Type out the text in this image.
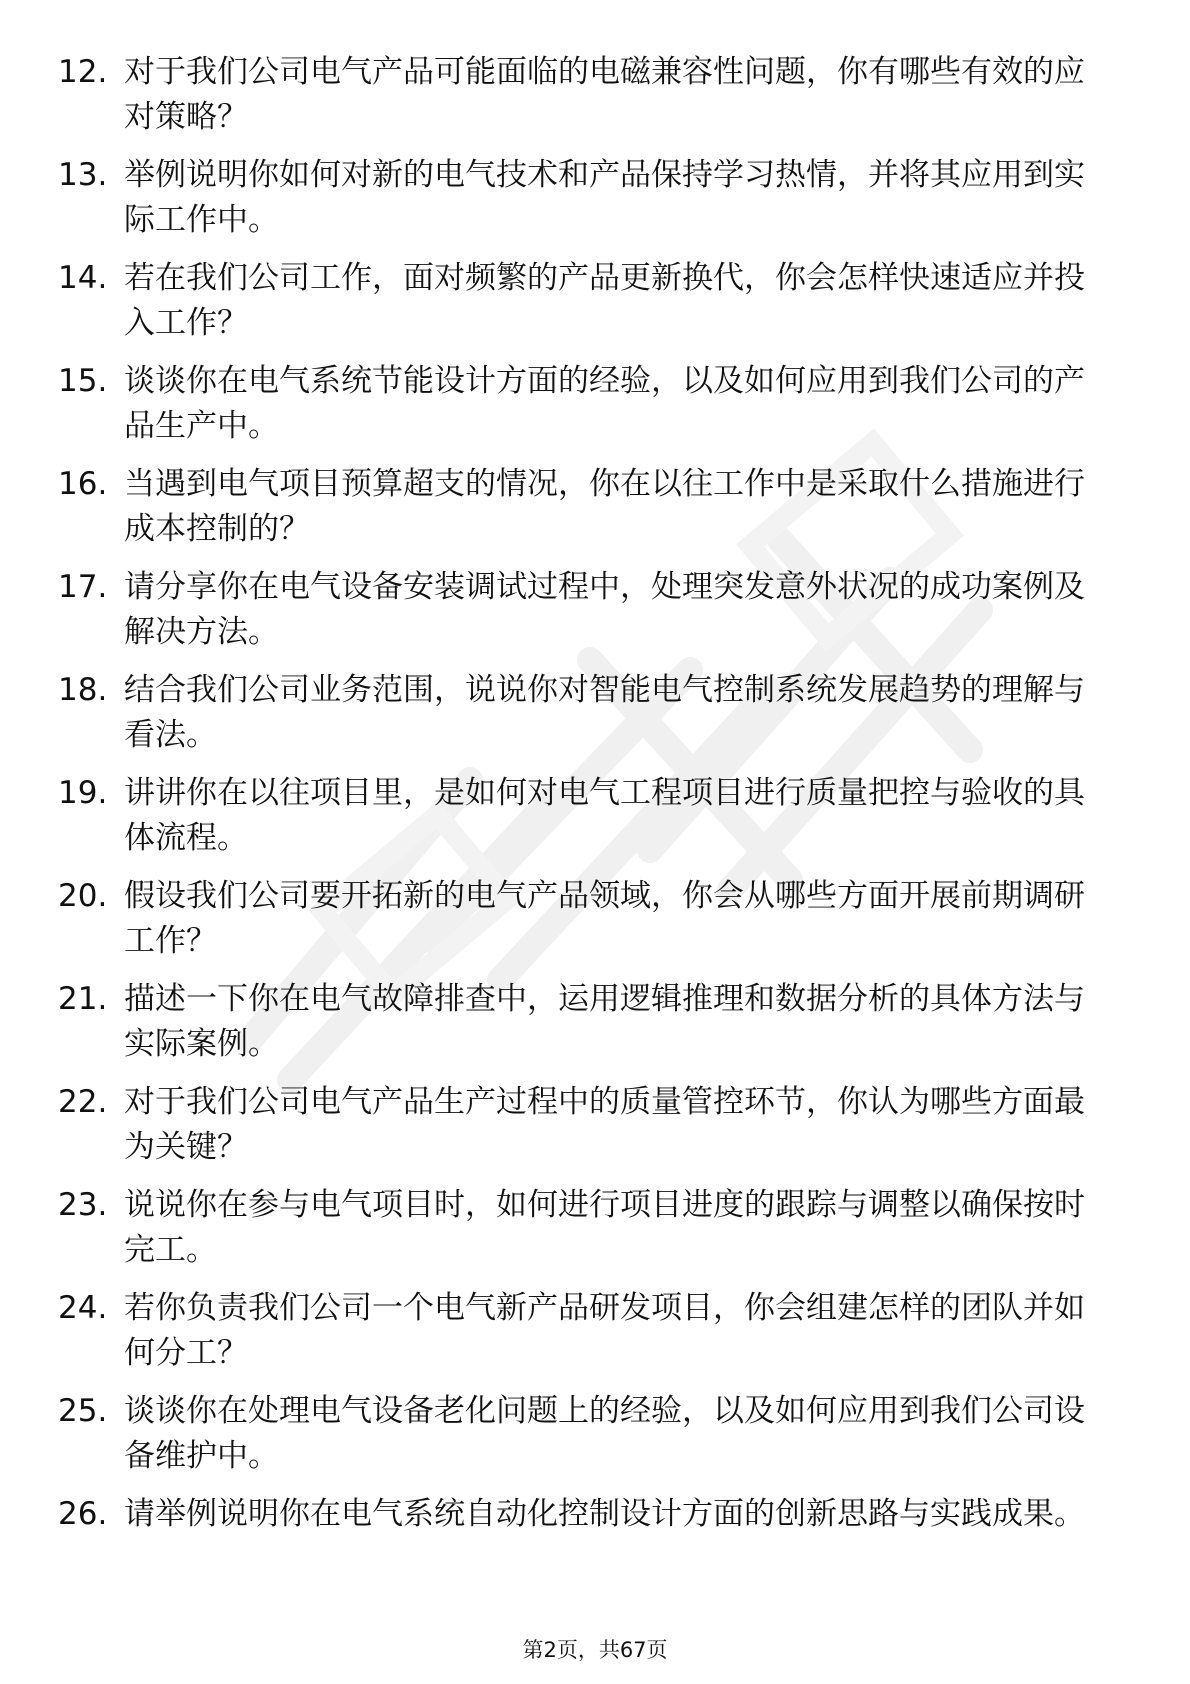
12. 对于我们公司电气产品可能面临的电磁兼容性问题，你有哪些有效的应对策略？
13. 举例说明你如何对新的电气技术和产品保持学习热情，并将其应用到实际工作中。
14. 若在我们公司工作，面对频繁的产品更新换代，你会怎样快速适应并投入工作？
15. 谈谈你在电气系统节能设计方面的经验，以及如何应用到我们公司的产品生产中。
16. 当遇到电气项目预算超支的情况，你在以往工作中是采取什么措施进行成本控制的？
17. 请分享你在电气设备安装调试过程中，处理突发意外状况的成功案例及解决方法。
18. 结合我们公司业务范围，说说你对智能电气控制系统发展趋势的理解与看法。
19. 讲讲你在以往项目里，是如何对电气工程项目进行质量把控与验收的具体流程。
20. 假设我们公司要开拓新的电气产品领域，你会从哪些方面开展前期调研工作？
21. 描述一下你在电气故障排查中，运用逻辑推理和数据分析的具体方法与实际案例。
22. 对于我们公司电气产品生产过程中的质量管控环节，你认为哪些方面最为关键？
23. 说说你在参与电气项目时，如何进行项目进度的跟踪与调整以确保按时完工。
24. 若你负责我们公司一个电气新产品研发项目，你会组建怎样的团队并如何分工？
25. 谈谈你在处理电气设备老化问题上的经验，以及如何应用到我们公司设备维护中。
26. 请举例说明你在电气系统自动化控制设计方面的创新思路与实践成果。
第2页，共67页
